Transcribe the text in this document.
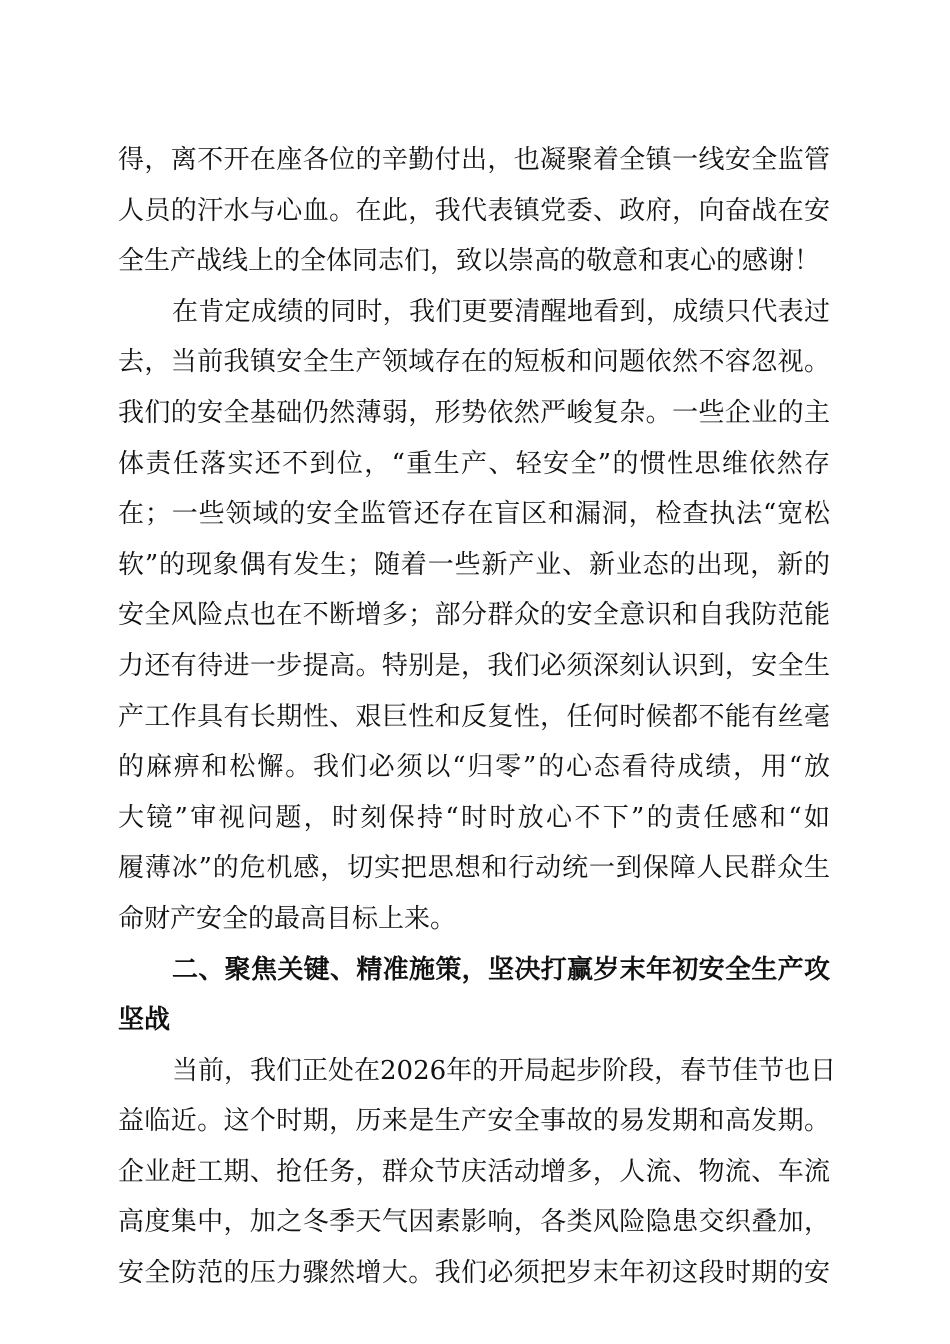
得，离不开在座各位的辛勤付出，也凝聚着全镇一线安全监管
人员的汗水与心血。在此，我代表镇党委、政府，向奋战在安
全生产战线上的全体同志们，致以崇高的敬意和衷心的感谢！
在肯定成绩的同时，我们更要清醒地看到，成绩只代表过
去，当前我镇安全生产领域存在的短板和问题依然不容忽视。
我们的安全基础仍然薄弱，形势依然严峻复杂。一些企业的主
体责任落实还不到位，“重生产、轻安全”的惯性思维依然存
在；一些领域的安全监管还存在盲区和漏洞，检查执法“宽松
软”的现象偶有发生；随着一些新产业、新业态的出现，新的
安全风险点也在不断增多；部分群众的安全意识和自我防范能
力还有待进一步提高。特别是，我们必须深刻认识到，安全生
产工作具有长期性、艰巨性和反复性，任何时候都不能有丝毫
的麻痹和松懈。我们必须以“归零”的心态看待成绩，用“放
大镜”审视问题，时刻保持“时时放心不下”的责任感和“如
履薄冰”的危机感，切实把思想和行动统一到保障人民群众生
命财产安全的最高目标上来。
二、聚焦关键、精准施策，坚决打赢岁末年初安全生产攻
坚战
当前，我们正处在2026年的开局起步阶段，春节佳节也日
益临近。这个时期，历来是生产安全事故的易发期和高发期。
企业赶工期、抢任务，群众节庆活动增多，人流、物流、车流
高度集中，加之冬季天气因素影响，各类风险隐患交织叠加，
安全防范的压力骤然增大。我们必须把岁末年初这段时期的安
